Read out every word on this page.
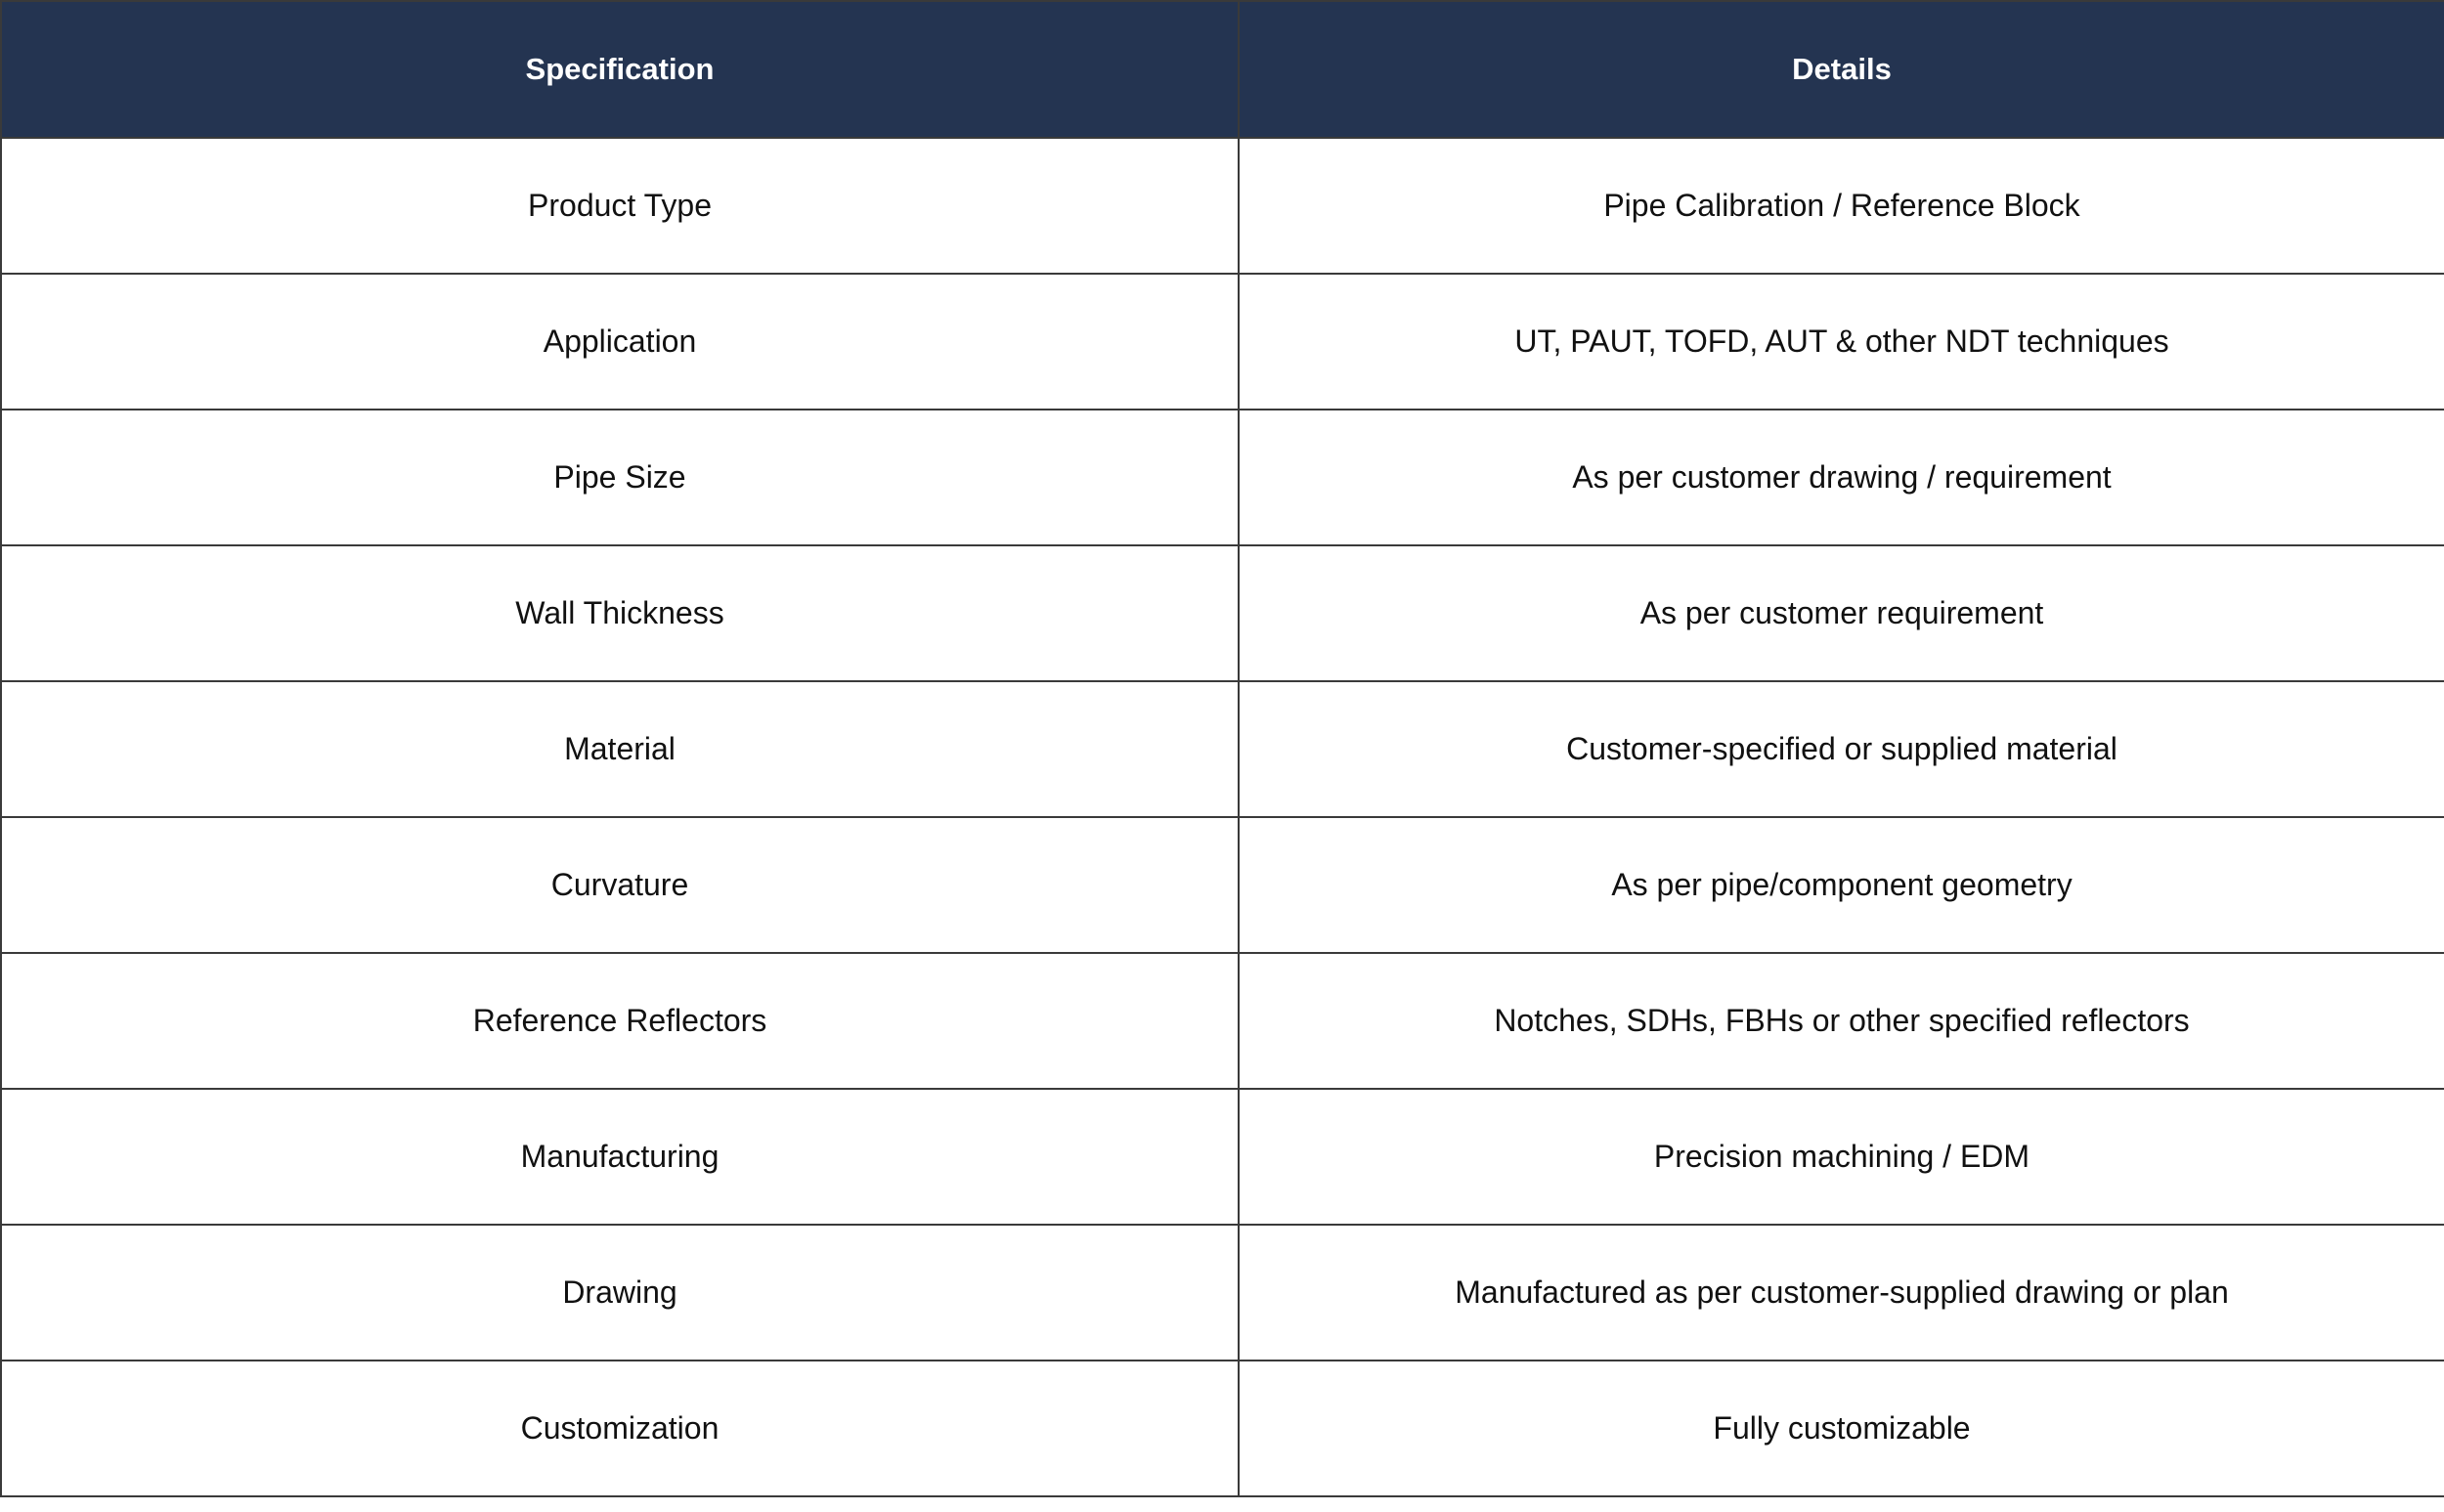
Specification	Details
Product Type	Pipe Calibration / Reference Block
Application	UT, PAUT, TOFD, AUT & other NDT techniques
Pipe Size	As per customer drawing / requirement
Wall Thickness	As per customer requirement
Material	Customer-specified or supplied material
Curvature	As per pipe/component geometry
Reference Reflectors	Notches, SDHs, FBHs or other specified reflectors
Manufacturing	Precision machining / EDM
Drawing	Manufactured as per customer-supplied drawing or plan
Customization	Fully customizable
